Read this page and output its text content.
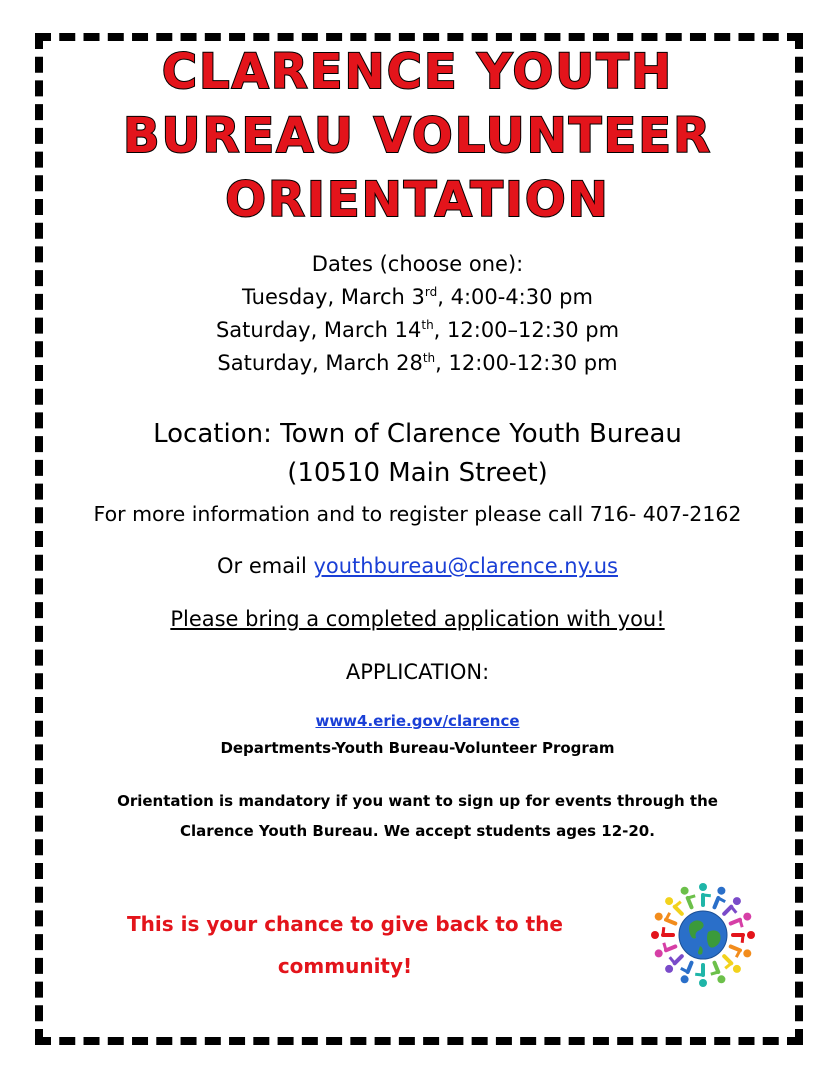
CLARENCE YOUTH
BUREAU VOLUNTEER
ORIENTATION
Dates (choose one):
Tuesday, March 3rd, 4:00-4:30 pm
Saturday, March 14th, 12:00–12:30 pm
Saturday, March 28th, 12:00-12:30 pm
Location: Town of Clarence Youth Bureau
(10510 Main Street)
For more information and to register please call 716- 407-2162
Or email youthbureau@clarence.ny.us
Please bring a completed application with you!
APPLICATION:
www4.erie.gov/clarence
Departments-Youth Bureau-Volunteer Program
Orientation is mandatory if you want to sign up for events through the
Clarence Youth Bureau. We accept students ages 12-20.
This is your chance to give back to the
community!
